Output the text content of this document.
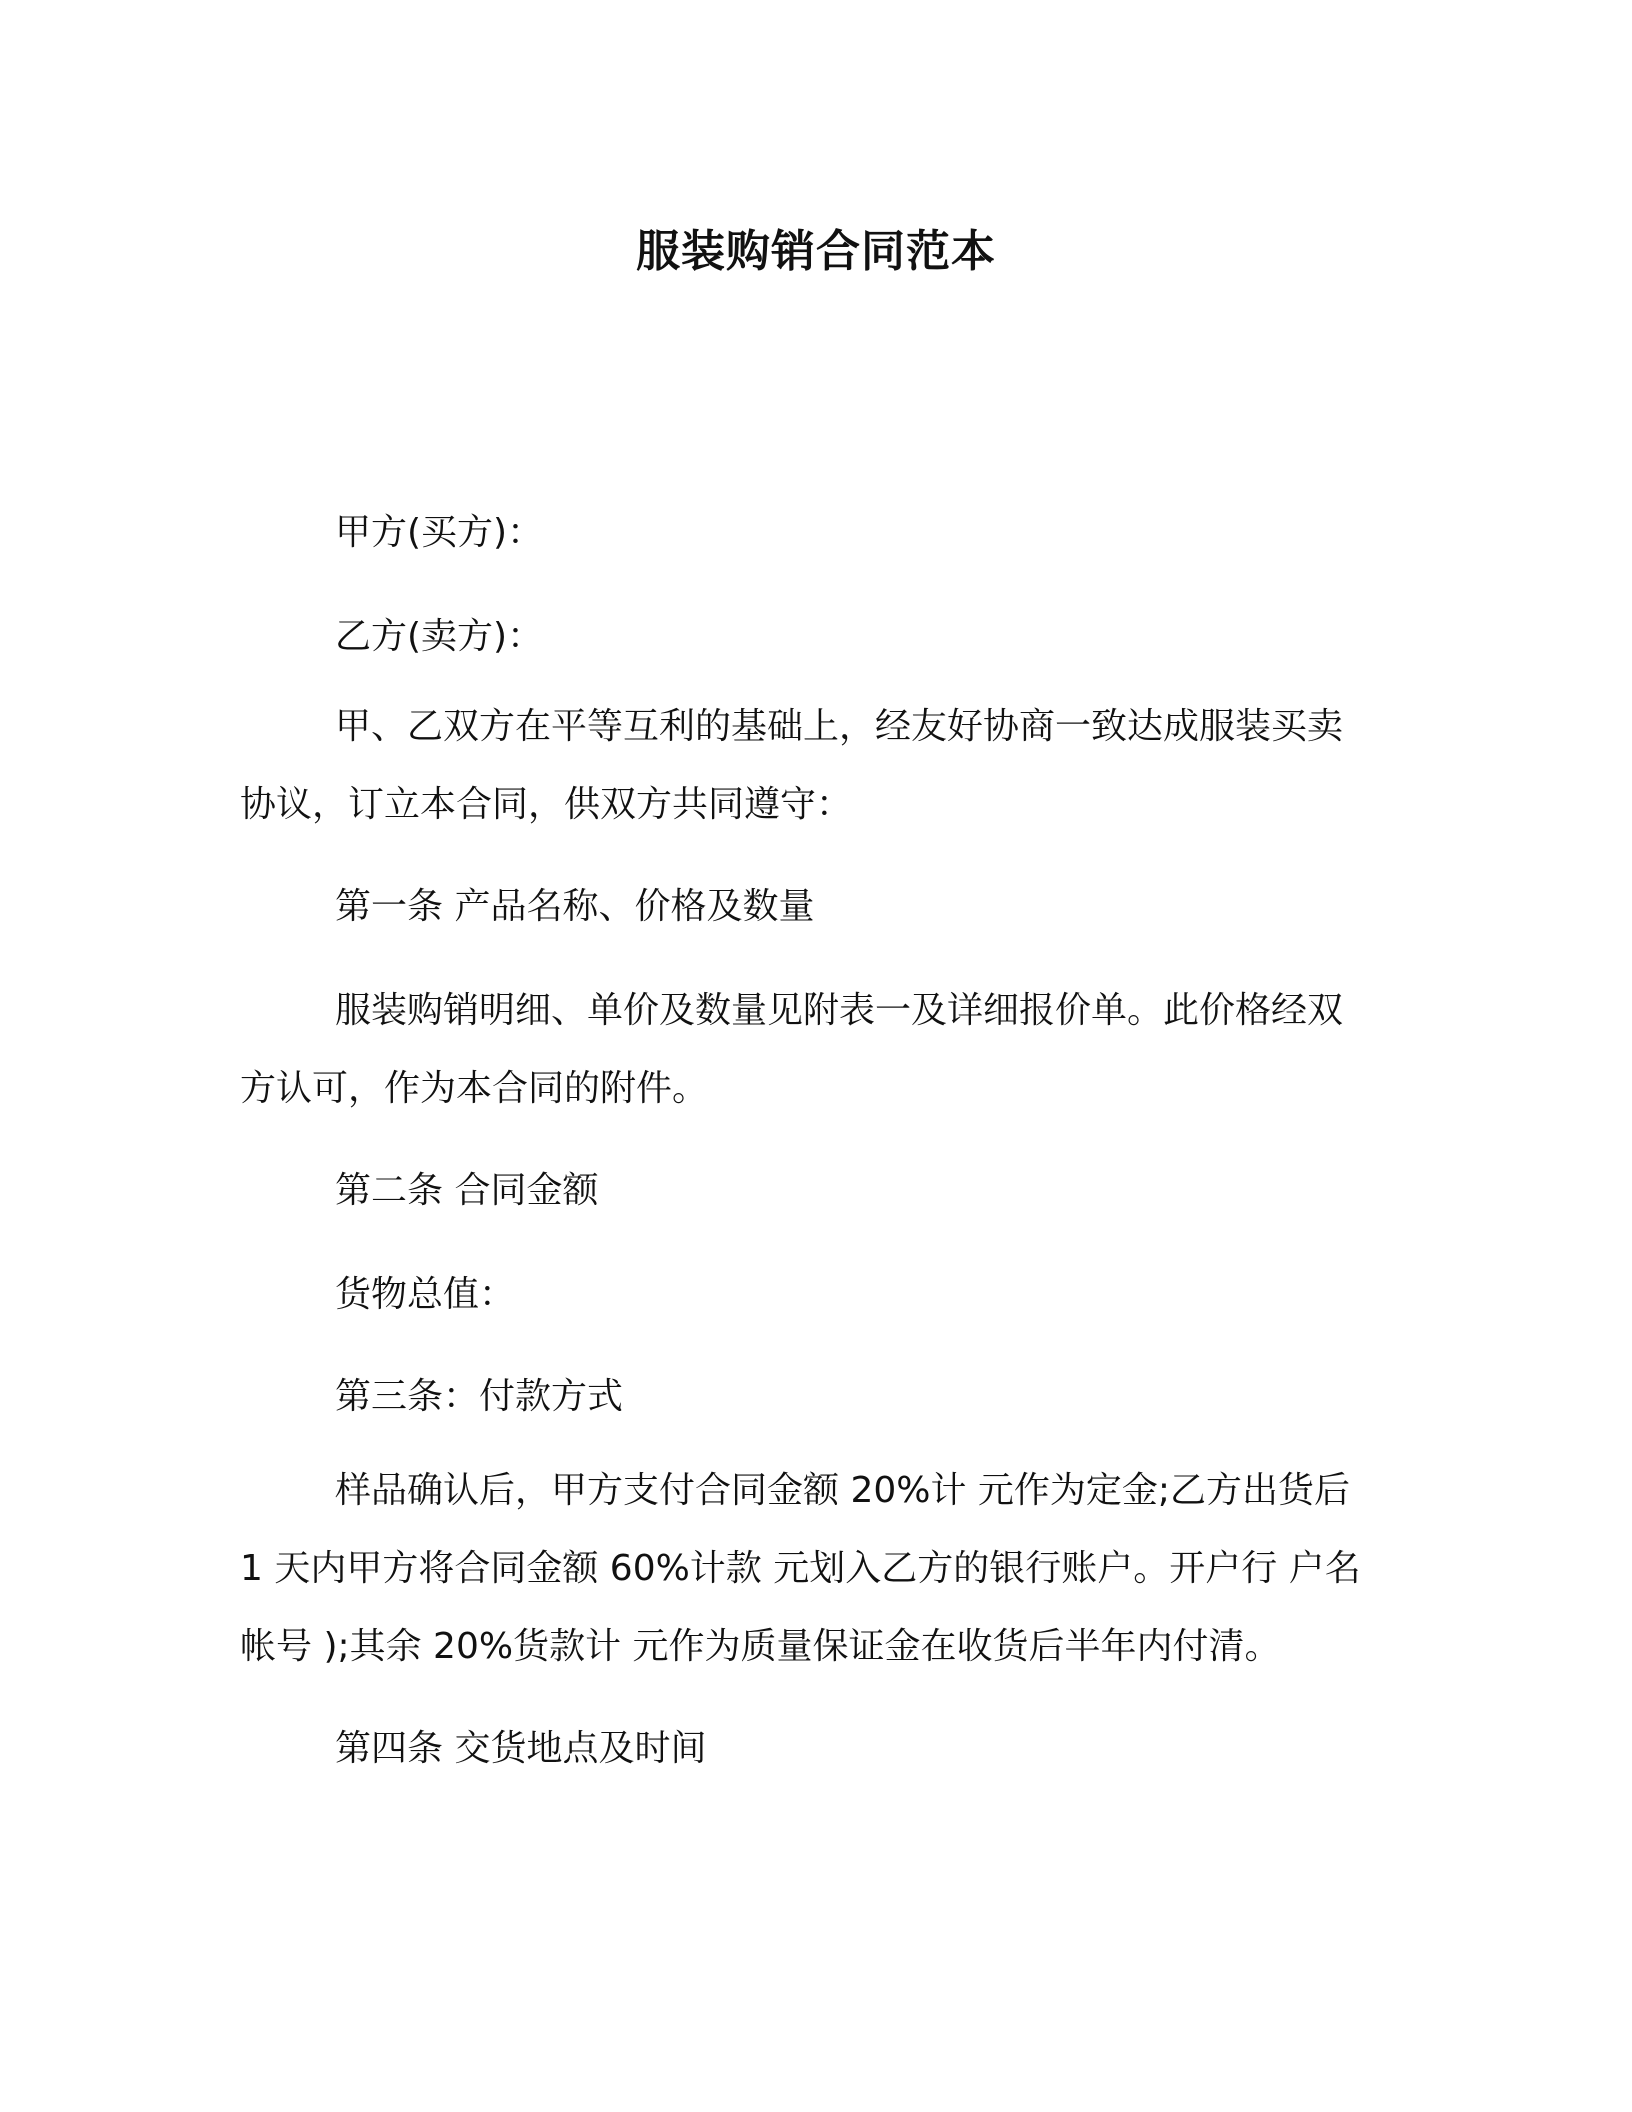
服装购销合同范本

甲方(买方)：

乙方(卖方)：

甲、乙双方在平等互利的基础上，经友好协商一致达成服装买卖
协议，订立本合同，供双方共同遵守：

第一条 产品名称、价格及数量

服装购销明细、单价及数量见附表一及详细报价单。此价格经双
方认可，作为本合同的附件。

第二条 合同金额

货物总值：

第三条：付款方式

样品确认后，甲方支付合同金额 20%计 元作为定金;乙方出货后
1 天内甲方将合同金额 60%计款 元划入乙方的银行账户。开户行 户名
帐号 );其余 20%货款计 元作为质量保证金在收货后半年内付清。

第四条 交货地点及时间
